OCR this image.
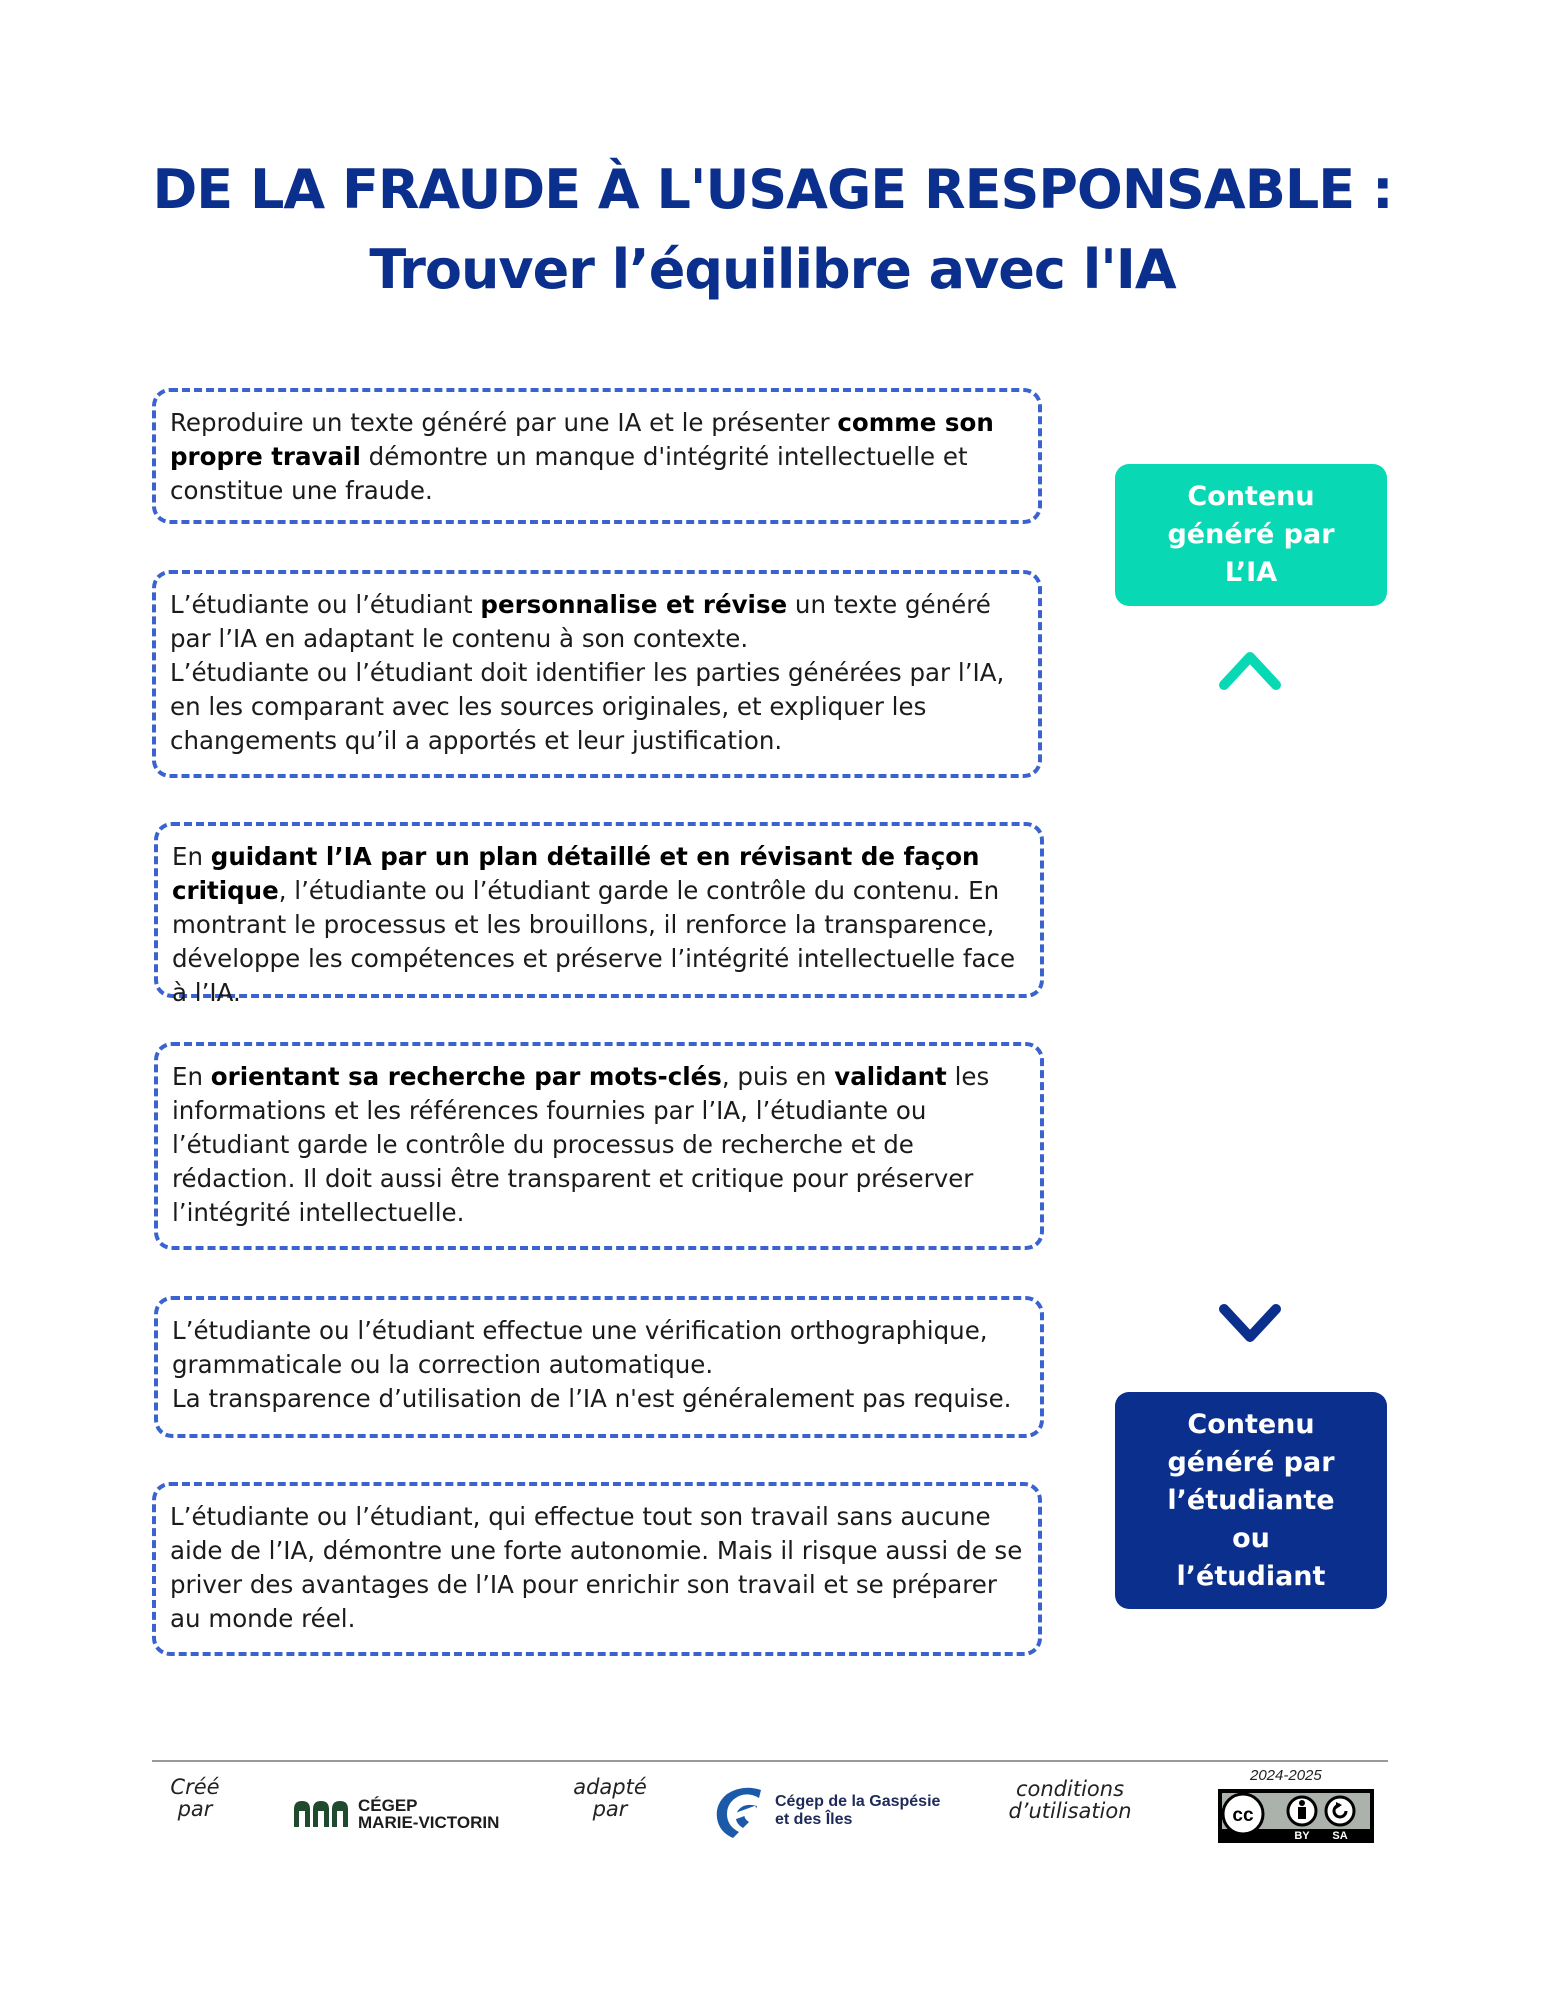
DE LA FRAUDE À L'USAGE RESPONSABLE :
Trouver l’équilibre avec l'IA

Reproduire un texte généré par une IA et le présenter comme son propre travail démontre un manque d'intégrité intellectuelle et constitue une fraude.

L’étudiante ou l’étudiant personnalise et révise un texte généré par l’IA en adaptant le contenu à son contexte.

L’étudiante ou l’étudiant doit identifier les parties générées par l’IA, en les comparant avec les sources originales, et expliquer les changements qu’il a apportés et leur justification.

En guidant l’IA par un plan détaillé et en révisant de façon critique, l’étudiante ou l’étudiant garde le contrôle du contenu. En montrant le processus et les brouillons, il renforce la transparence, développe les compétences et préserve l’intégrité intellectuelle face à l’IA.

En orientant sa recherche par mots-clés, puis en validant les informations et les références fournies par l’IA, l’étudiante ou l’étudiant garde le contrôle du processus de recherche et de rédaction. Il doit aussi être transparent et critique pour préserver l’intégrité intellectuelle.

L’étudiante ou l’étudiant effectue une vérification orthographique, grammaticale ou la correction automatique.

La transparence d’utilisation de l’IA n'est généralement pas requise.

L’étudiante ou l’étudiant, qui effectue tout son travail sans aucune aide de l’IA, démontre une forte autonomie. Mais il risque aussi de se priver des avantages de l’IA pour enrichir son travail et se préparer au monde réel.

Contenu
généré par
L’IA
Contenu
généré par
l’étudiante
ou
l’étudiant
Créé
par	CÉGEP
MARIE-VICTORIN
adapté
par	Cégep de la Gaspésie
et des Îles
conditions
d’utilisation
2024-2025
cc
BY SA
